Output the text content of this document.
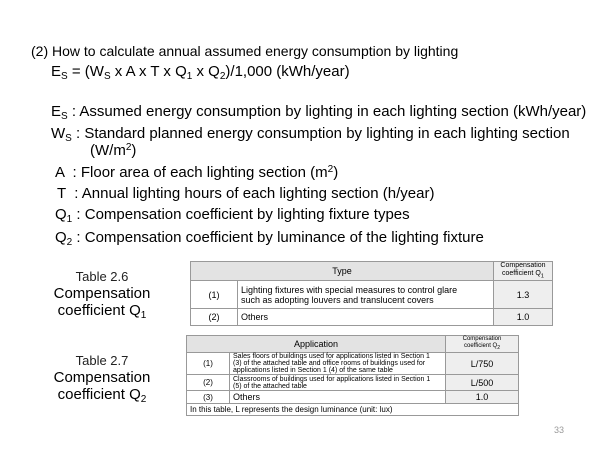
(2) How to calculate annual assumed energy consumption by lighting
$E_S = (W_S$ x A x T x $Q_1$ x $Q_2)/1,000$ (kWh/year)
$E_S$ : Assumed energy consumption by lighting in each lighting section (kWh/year)
$W_S$ : Standard planned energy consumption by lighting in each lighting section
$(W/m^2)$
A  : Floor area of each lighting section $(m^2)$
T  : Annual lighting hours of each lighting section (h/year)
$Q_1$ : Compensation coefficient by lighting fixture types
$Q_2$ : Compensation coefficient by luminance of the lighting fixture
Table 2.6
Compensation
coefficient $Q_1$
Type		Compensation
coefficient $Q_1$

(1)	Lighting fixtures with special measures to control glare
such as adopting louvers and translucent covers	1.3
(2)	Others	1.0
Table 2.7
Compensation
coefficient $Q_2$
Application		Compensation
coefficient $Q_2$

(1)	Sales floors of buildings used for applications listed in Section 1
(3) of the attached table and office rooms of buildings used for
applications listed in Section 1 (4) of the same table	L/750
(2)	Classrooms of buildings used for applications listed in Section 1
(5) of the attached table	L/500
(3)	Others	1.0
In this table, L represents the design luminance (unit: lux)		
33
